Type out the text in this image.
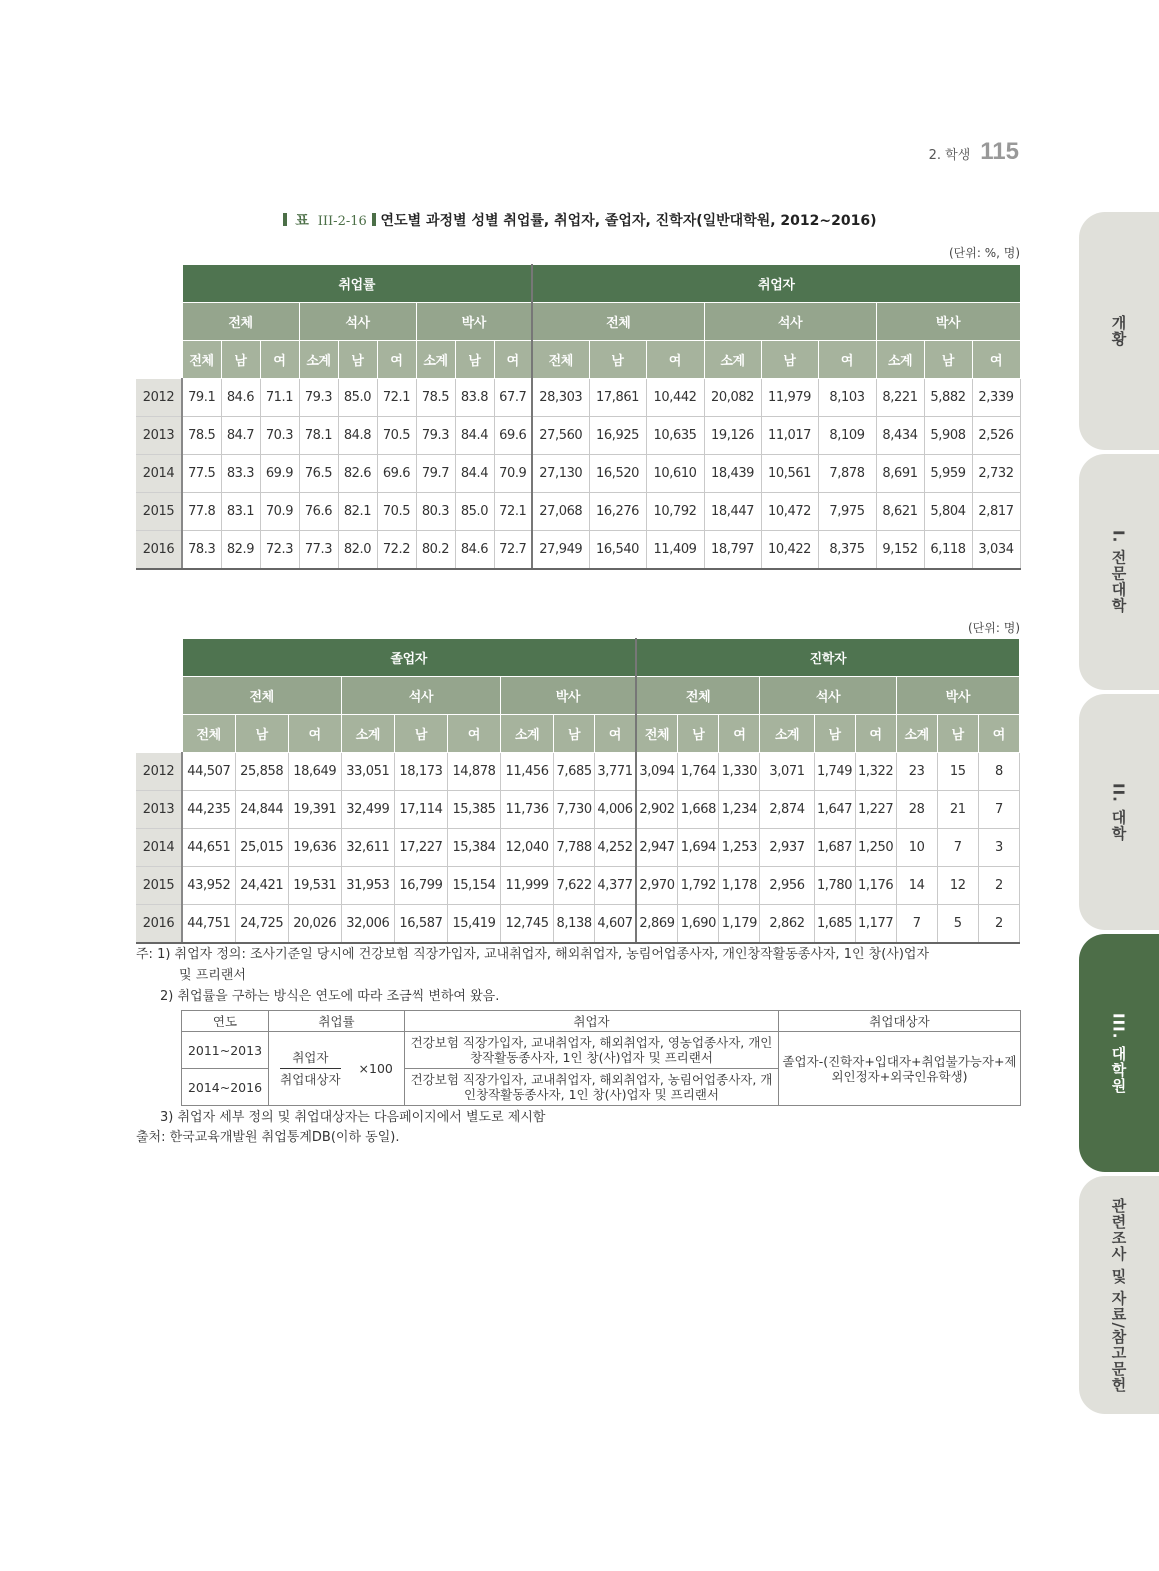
2. 학생 115
표 III-2-16 연도별 과정별 성별 취업률, 취업자, 졸업자, 진학자(일반대학원, 2012~2016)
(단위: %, 명)
	취업률									취업자								
	전체			석사			박사			전체			석사			박사		
	전체	남	여	소계	남	여	소계	남	여	전체	남	여	소계	남	여	소계	남	여
2012	79.1	84.6	71.1	79.3	85.0	72.1	78.5	83.8	67.7	28,303	17,861	10,442	20,082	11,979	8,103	8,221	5,882	2,339
2013	78.5	84.7	70.3	78.1	84.8	70.5	79.3	84.4	69.6	27,560	16,925	10,635	19,126	11,017	8,109	8,434	5,908	2,526
2014	77.5	83.3	69.9	76.5	82.6	69.6	79.7	84.4	70.9	27,130	16,520	10,610	18,439	10,561	7,878	8,691	5,959	2,732
2015	77.8	83.1	70.9	76.6	82.1	70.5	80.3	85.0	72.1	27,068	16,276	10,792	18,447	10,472	7,975	8,621	5,804	2,817
2016	78.3	82.9	72.3	77.3	82.0	72.2	80.2	84.6	72.7	27,949	16,540	11,409	18,797	10,422	8,375	9,152	6,118	3,034
(단위: 명)
	졸업자									진학자								
	전체			석사			박사			전체			석사			박사		
	전체	남	여	소계	남	여	소계	남	여	전체	남	여	소계	남	여	소계	남	여
2012	44,507	25,858	18,649	33,051	18,173	14,878	11,456	7,685	3,771	3,094	1,764	1,330	3,071	1,749	1,322	23	15	8
2013	44,235	24,844	19,391	32,499	17,114	15,385	11,736	7,730	4,006	2,902	1,668	1,234	2,874	1,647	1,227	28	21	7
2014	44,651	25,015	19,636	32,611	17,227	15,384	12,040	7,788	4,252	2,947	1,694	1,253	2,937	1,687	1,250	10	7	3
2015	43,952	24,421	19,531	31,953	16,799	15,154	11,999	7,622	4,377	2,970	1,792	1,178	2,956	1,780	1,176	14	12	2
2016	44,751	24,725	20,026	32,006	16,587	15,419	12,745	8,138	4,607	2,869	1,690	1,179	2,862	1,685	1,177	7	5	2
주: 1) 취업자 정의: 조사기준일 당시에 건강보험 직장가입자, 교내취업자, 해외취업자, 농림어업종사자, 개인창작활동종사자, 1인 창(사)업자
및 프리랜서
2) 취업률을 구하는 방식은 연도에 따라 조금씩 변하여 왔음.
연도	취업률	취업자	취업대상자
2011~2013	$\frac{\text{취업자}}{\text{취업대상자}} \times 100$	건강보험 직장가입자, 교내취업자, 해외취업자, 영농업종사자, 개인창작활동종사자, 1인 창(사)업자 및 프리랜서	졸업자-(진학자+입대자+취업불가능자+제외인정자+외국인유학생)
2014~2016		건강보험 직장가입자, 교내취업자, 해외취업자, 농림어업종사자, 개인창작활동종사자, 1인 창(사)업자 및 프리랜서	
3) 취업자 세부 정의 및 취업대상자는 다음페이지에서 별도로 제시함
출처: 한국교육개발원 취업통계DB(이하 동일).
개황
I. 전문대학
II. 대학
III. 대학원
관련조사 및 자료/참고문헌
